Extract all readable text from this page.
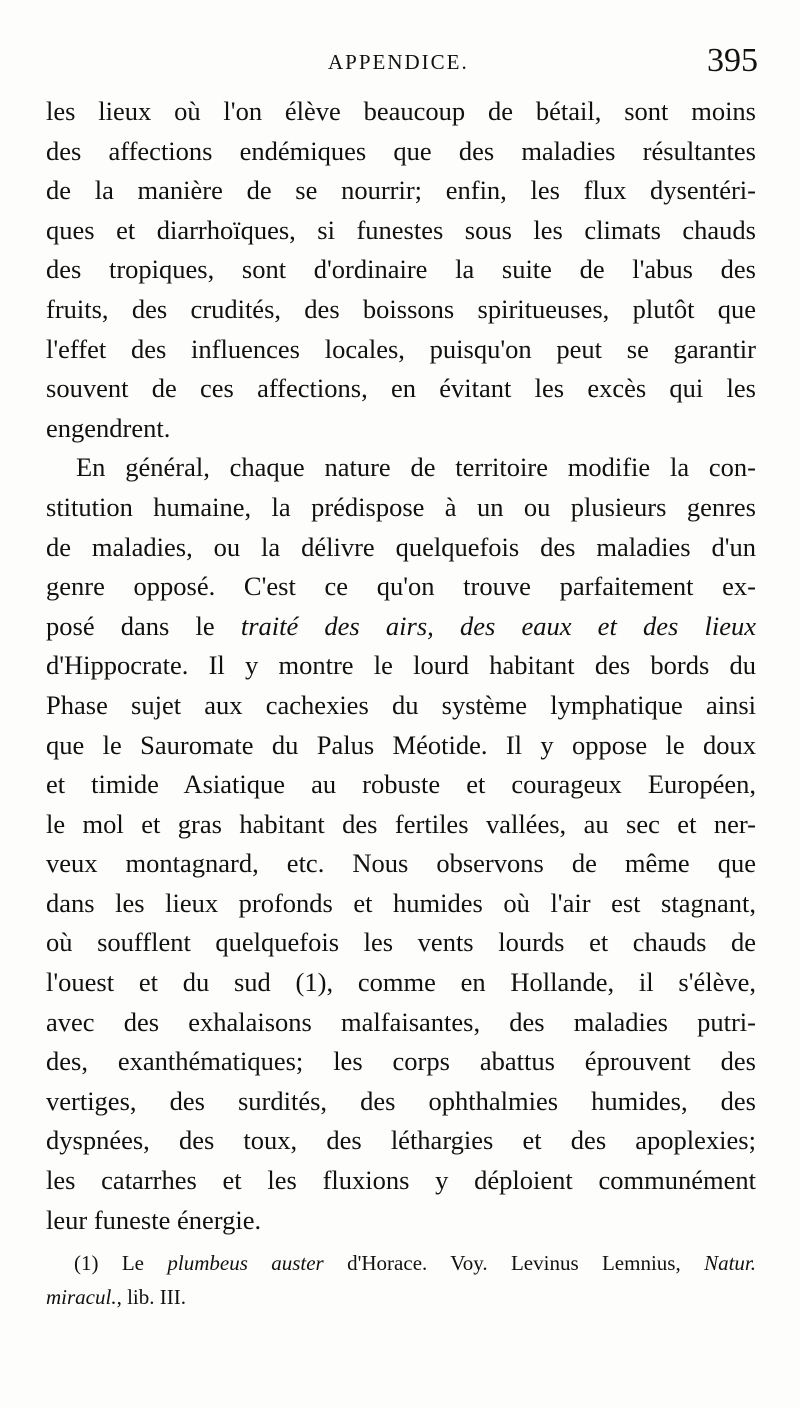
APPENDICE.	395
les lieux où l'on élève beaucoup de bétail, sont moins
des affections endémiques que des maladies résultantes
de la manière de se nourrir; enfin, les flux dysentéri-
ques et diarrhoïques, si funestes sous les climats chauds
des tropiques, sont d'ordinaire la suite de l'abus des
fruits, des crudités, des boissons spiritueuses, plutôt que
l'effet des influences locales, puisqu'on peut se garantir
souvent de ces affections, en évitant les excès qui les
engendrent.
En général, chaque nature de territoire modifie la con-
stitution humaine, la prédispose à un ou plusieurs genres
de maladies, ou la délivre quelquefois des maladies d'un
genre opposé. C'est ce qu'on trouve parfaitement ex-
posé dans le traité des airs, des eaux et des lieux
d'Hippocrate. Il y montre le lourd habitant des bords du
Phase sujet aux cachexies du système lymphatique ainsi
que le Sauromate du Palus Méotide. Il y oppose le doux
et timide Asiatique au robuste et courageux Européen,
le mol et gras habitant des fertiles vallées, au sec et ner-
veux montagnard, etc. Nous observons de même que
dans les lieux profonds et humides où l'air est stagnant,
où soufflent quelquefois les vents lourds et chauds de
l'ouest et du sud (1), comme en Hollande, il s'élève,
avec des exhalaisons malfaisantes, des maladies putri-
des, exanthématiques; les corps abattus éprouvent des
vertiges, des surdités, des ophthalmies humides, des
dyspnées, des toux, des léthargies et des apoplexies;
les catarrhes et les fluxions y déploient communément
leur funeste énergie.
(1) Le plumbeus auster d'Horace. Voy. Levinus Lemnius, Natur.
miracul., lib. III.
